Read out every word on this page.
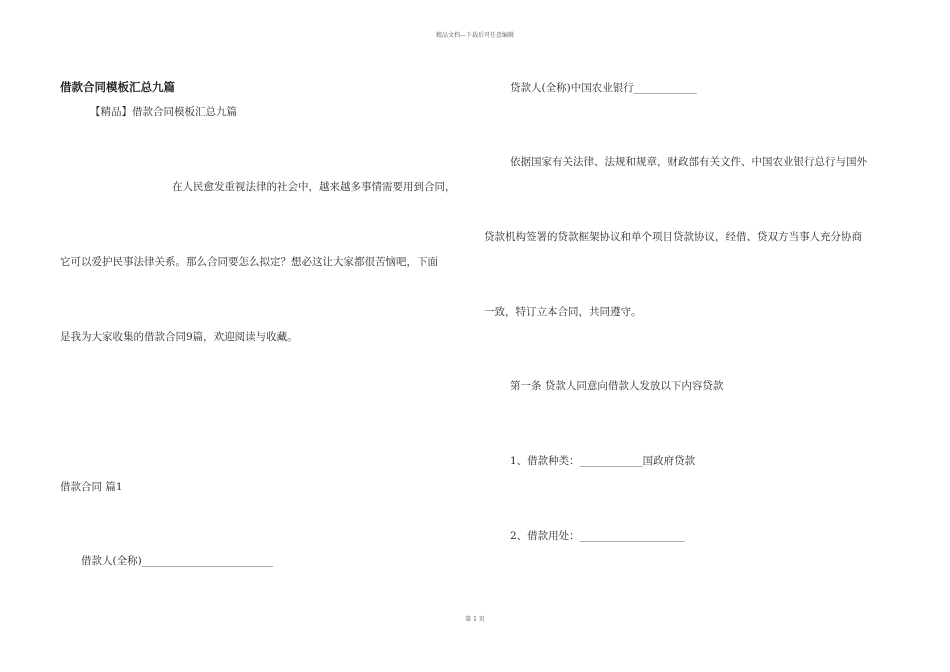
精品文档---下载后可任意编辑
借款合同模板汇总九篇
【精品】借款合同模板汇总九篇
在人民愈发重视法律的社会中，越来越多事情需要用到合同，
它可以爱护民事法律关系。那么合同要怎么拟定？想必这让大家都很苦恼吧，下面
是我为大家收集的借款合同9篇，欢迎阅读与收藏。
借款合同 篇1
借款人(全称)_________________________
贷款人(全称)中国农业银行____________
依据国家有关法律、法规和规章，财政部有关文件、中国农业银行总行与国外
贷款机构签署的贷款框架协议和单个项目贷款协议，经借、贷双方当事人充分协商
一致，特订立本合同，共同遵守。
第一条 贷款人同意向借款人发放以下内容贷款
1、借款种类：____________国政府贷款
2、借款用处：____________________
第 1 页
